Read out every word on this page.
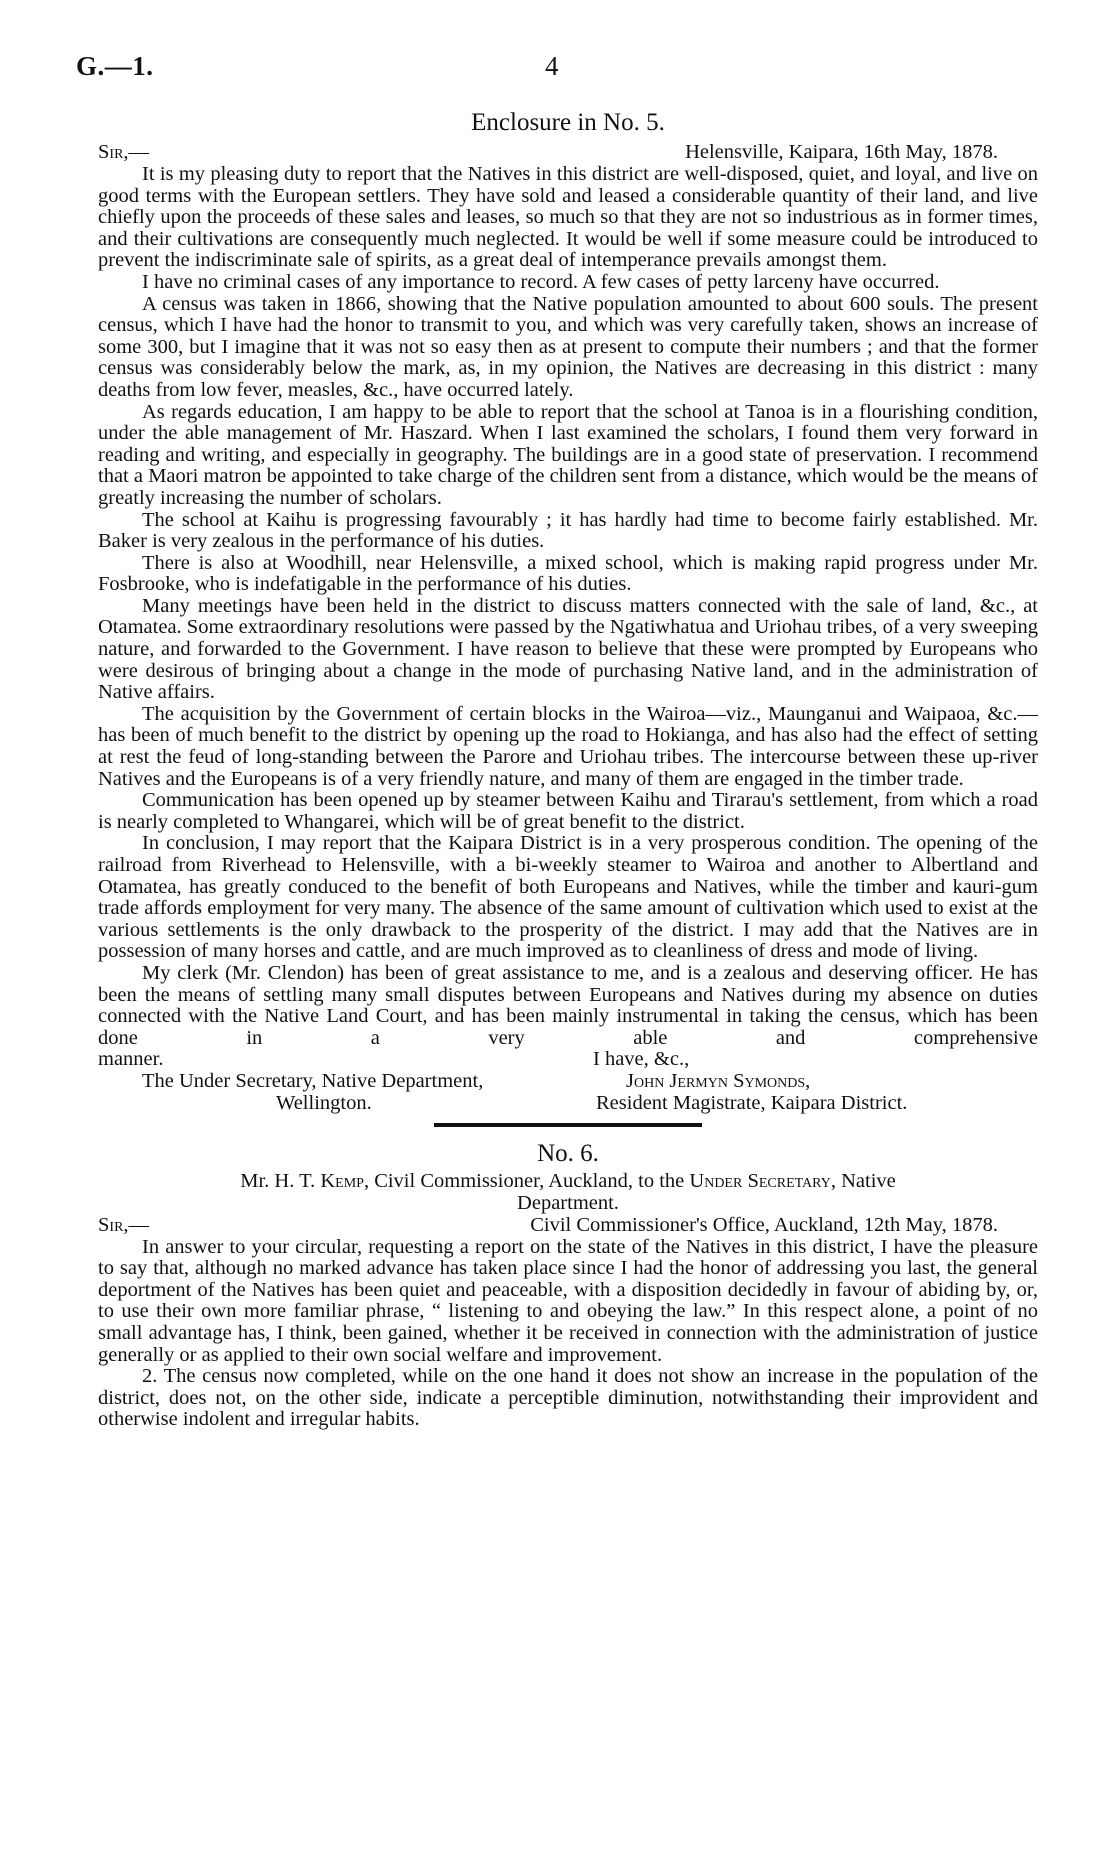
G.—1.	4
Enclosure in No. 5.
Sir,—	Helensville, Kaipara, 16th May, 1878.

It is my pleasing duty to report that the Natives in this district are well-disposed, quiet, and loyal, and live on good terms with the European settlers. They have sold and leased a considerable quantity of their land, and live chiefly upon the proceeds of these sales and leases, so much so that they are not so industrious as in former times, and their cultivations are consequently much neglected. It would be well if some measure could be introduced to prevent the indiscriminate sale of spirits, as a great deal of intemperance prevails amongst them.

I have no criminal cases of any importance to record. A few cases of petty larceny have occurred.

A census was taken in 1866, showing that the Native population amounted to about 600 souls. The present census, which I have had the honor to transmit to you, and which was very carefully taken, shows an increase of some 300, but I imagine that it was not so easy then as at present to compute their numbers ; and that the former census was considerably below the mark, as, in my opinion, the Natives are decreasing in this district : many deaths from low fever, measles, &c., have occurred lately.

As regards education, I am happy to be able to report that the school at Tanoa is in a flourishing condition, under the able management of Mr. Haszard. When I last examined the scholars, I found them very forward in reading and writing, and especially in geography. The buildings are in a good state of preservation. I recommend that a Maori matron be appointed to take charge of the children sent from a distance, which would be the means of greatly increasing the number of scholars.

The school at Kaihu is progressing favourably ; it has hardly had time to become fairly established. Mr. Baker is very zealous in the performance of his duties.

There is also at Woodhill, near Helensville, a mixed school, which is making rapid progress under Mr. Fosbrooke, who is indefatigable in the performance of his duties.

Many meetings have been held in the district to discuss matters connected with the sale of land, &c., at Otamatea. Some extraordinary resolutions were passed by the Ngatiwhatua and Uriohau tribes, of a very sweeping nature, and forwarded to the Government. I have reason to believe that these were prompted by Europeans who were desirous of bringing about a change in the mode of purchasing Native land, and in the administration of Native affairs.

The acquisition by the Government of certain blocks in the Wairoa—viz., Maunganui and Waipaoa, &c.—has been of much benefit to the district by opening up the road to Hokianga, and has also had the effect of setting at rest the feud of long-standing between the Parore and Uriohau tribes. The intercourse between these up-river Natives and the Europeans is of a very friendly nature, and many of them are engaged in the timber trade.

Communication has been opened up by steamer between Kaihu and Tirarau's settlement, from which a road is nearly completed to Whangarei, which will be of great benefit to the district.

In conclusion, I may report that the Kaipara District is in a very prosperous condition. The opening of the railroad from Riverhead to Helensville, with a bi-weekly steamer to Wairoa and another to Albertland and Otamatea, has greatly conduced to the benefit of both Europeans and Natives, while the timber and kauri-gum trade affords employment for very many. The absence of the same amount of cultivation which used to exist at the various settlements is the only drawback to the prosperity of the district. I may add that the Natives are in possession of many horses and cattle, and are much improved as to cleanliness of dress and mode of living.

My clerk (Mr. Clendon) has been of great assistance to me, and is a zealous and deserving officer. He has been the means of settling many small disputes between Europeans and Natives during my absence on duties connected with the Native Land Court, and has been mainly instrumental in taking the census, which has been done in a very able and comprehensive

manner.	I have, &c.,
The Under Secretary, Native Department,	John Jermyn Symonds,
Wellington.	Resident Magistrate, Kaipara District.
No. 6.

Mr. H. T. Kemp, Civil Commissioner, Auckland, to the Under Secretary, Native

Department.

Sir,—	Civil Commissioner's Office, Auckland, 12th May, 1878.

In answer to your circular, requesting a report on the state of the Natives in this district, I have the pleasure to say that, although no marked advance has taken place since I had the honor of addressing you last, the general deportment of the Natives has been quiet and peaceable, with a disposition decidedly in favour of abiding by, or, to use their own more familiar phrase, “ listening to and obeying the law.” In this respect alone, a point of no small advantage has, I think, been gained, whether it be received in connection with the administration of justice generally or as applied to their own social welfare and improvement.

2. The census now completed, while on the one hand it does not show an increase in the population of the district, does not, on the other side, indicate a perceptible diminution, notwithstanding their improvident and otherwise indolent and irregular habits.
